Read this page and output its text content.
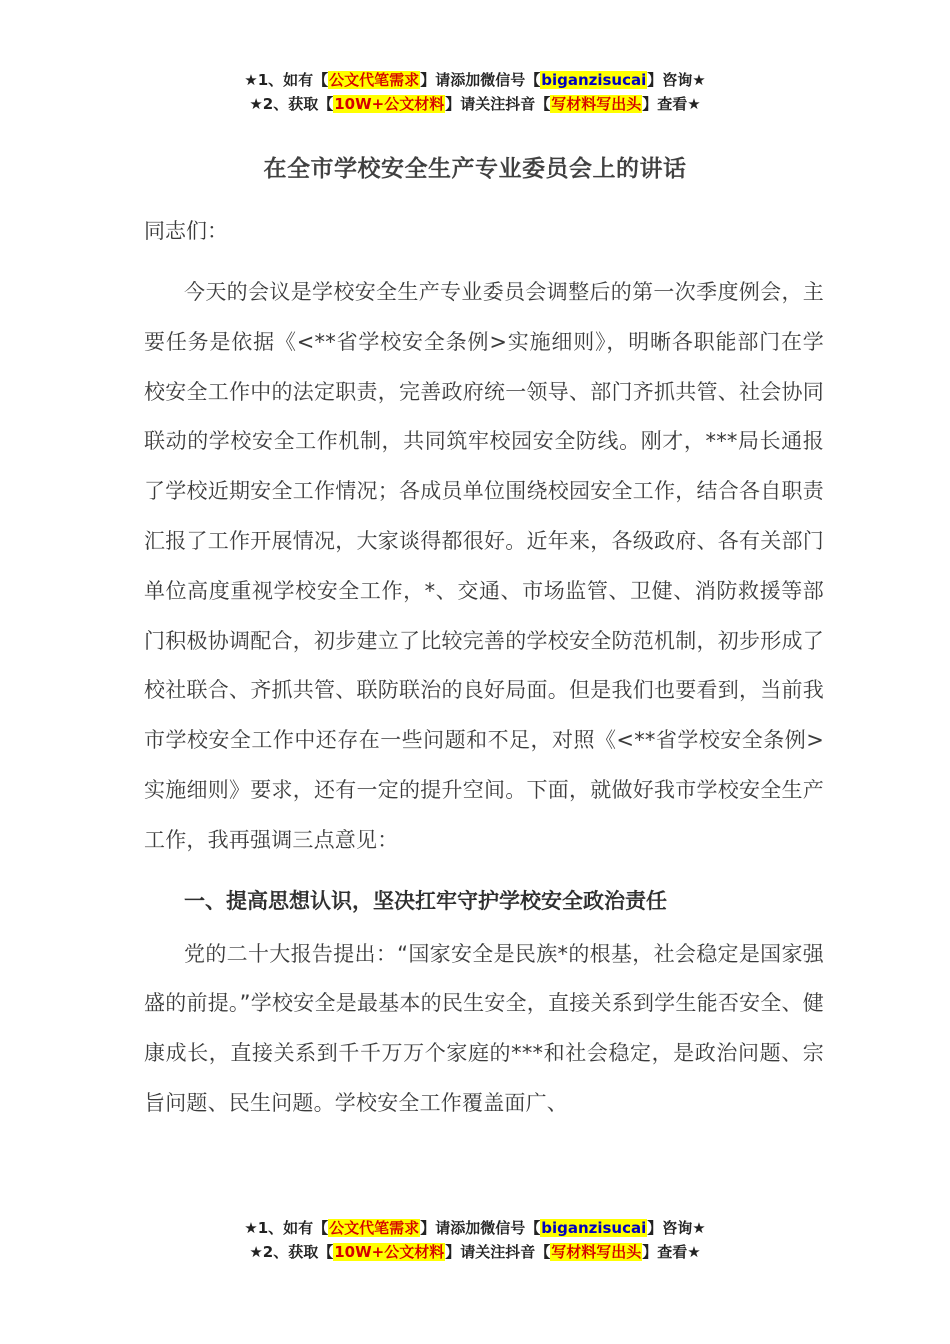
★1、如有【公文代笔需求】请添加微信号【biganzisucai】咨询★
★2、获取【10W+公文材料】请关注抖音【写材料写出头】查看★
在全市学校安全生产专业委员会上的讲话

同志们：

今天的会议是学校安全生产专业委员会调整后的第一次季度例会，主要任务是依据《<**省学校安全条例>实施细则》，明晰各职能部门在学校安全工作中的法定职责，完善政府统一领导、部门齐抓共管、社会协同联动的学校安全工作机制，共同筑牢校园安全防线。刚才，***局长通报了学校近期安全工作情况；各成员单位围绕校园安全工作，结合各自职责汇报了工作开展情况，大家谈得都很好。近年来，各级政府、各有关部门单位高度重视学校安全工作，*、交通、市场监管、卫健、消防救援等部门积极协调配合，初步建立了比较完善的学校安全防范机制，初步形成了校社联合、齐抓共管、联防联治的良好局面。但是我们也要看到，当前我市学校安全工作中还存在一些问题和不足，对照《<**省学校安全条例>实施细则》要求，还有一定的提升空间。下面，就做好我市学校安全生产工作，我再强调三点意见：

一、提高思想认识，坚决扛牢守护学校安全政治责任

党的二十大报告提出：“国家安全是民族*的根基，社会稳定是国家强盛的前提。”学校安全是最基本的民生安全，直接关系到学生能否安全、健康成长，直接关系到千千万万个家庭的***和社会稳定，是政治问题、宗旨问题、民生问题。学校安全工作覆盖面广、

★1、如有【公文代笔需求】请添加微信号【biganzisucai】咨询★
★2、获取【10W+公文材料】请关注抖音【写材料写出头】查看★
